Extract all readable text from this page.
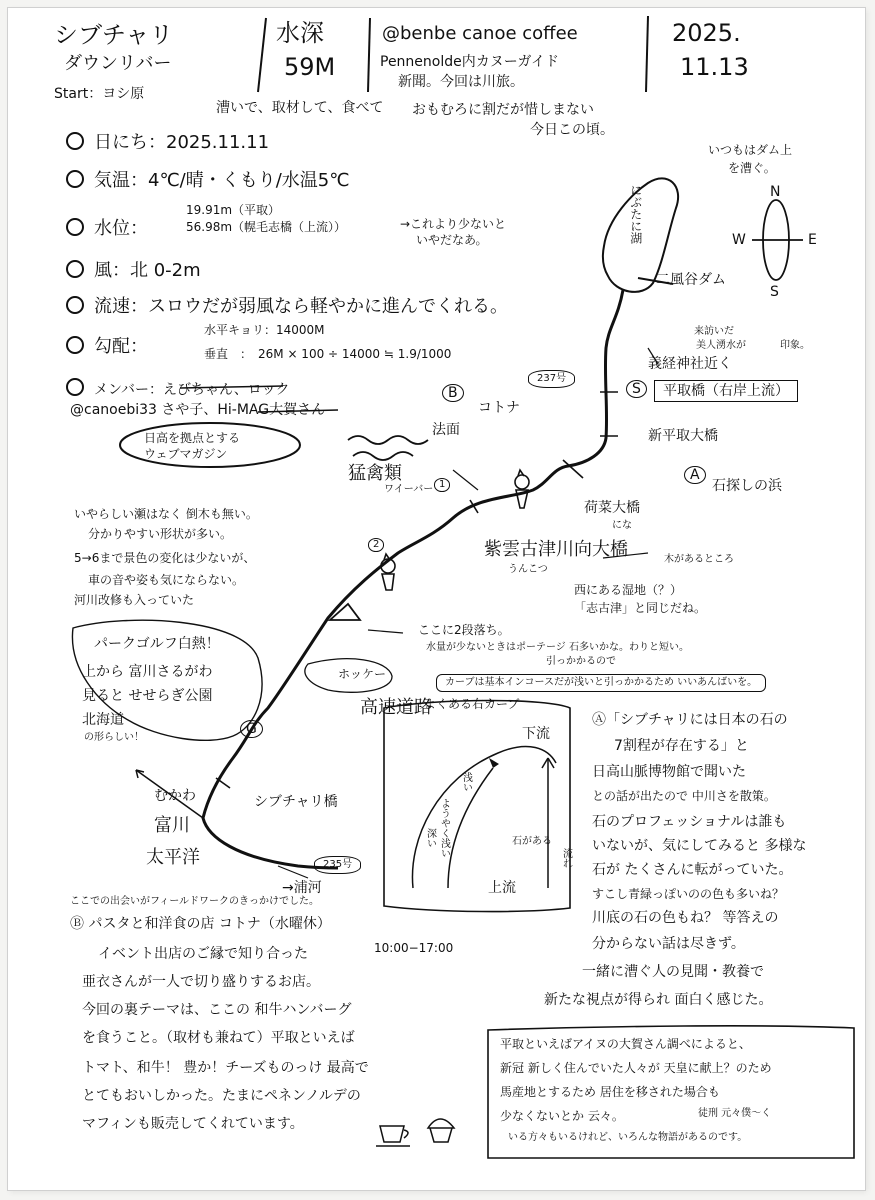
シブチャリ
ダウンリバー
Start：ヨシ原
水深
59M
@benbe canoe coffee
Pennenolde内カヌーガイド
新聞。今回は川旅。
2025.
11.13
漕いで、取材して、食べて おもむろに割だが惜しまない
今日この頃。
日にち：2025.11.11
気温：4℃/晴・くもり/水温5℃
水位：
19.91m（平取）
56.98m（幌毛志橋（上流））	→これより少ないと
いやだなあ。
風：北 0-2m
流速：スロウだが弱風なら軽やかに進んでくれる。
勾配：
水平キョリ：14000M
垂直　：　26M × 100 ÷ 14000 ≒ 1.9/1000
メンバー：えびちゃん、ロック
@canoebi33 さや子、Hi-MAG大賀さん
日高を拠点とする
ウェブマガジン
いつもはダム上
を漕ぐ。
N
W	E
S
にぶたに湖
二風谷ダム
来訪いだ
美人湧水が	印象。
義経神社近く
S	平取橋（右岸上流）
新平取大橋
237号
B
コトナ
法面
猛禽類
ワイーバー 1
2
A
石探しの浜
荷菜大橋
にな
紫雲古津川向大橋
うんこつ
木があるところ
西にある湿地（？）
「志古津」と同じだね。
いやらしい瀬はなく 倒木も無い。
分かりやすい形状が多い。
5→6まで景色の変化は少ないが、
車の音や姿も気にならない。
河川改修も入っていた
ここに2段落ち。
水量が少ないときはポーテージ 石多いかな。わりと短い。
引っかかるので
パークゴルフ白熱！
上から 富川さるがわ
見ると せせらぎ公園
北海道
の形らしい！
ホッケー
高速道路
G
シブチャリ橋
むかわ
富川
太平洋	235号
→浦河
カーブは基本インコースだが浅いと引っかかるため いいあんばいを。
よくある右カーブ
下流
上流
浅い
ようやく浅い
深い	石がある
流れ
Ⓐ「シブチャリには日本の石の
7割程が存在する」と
日高山脈博物館で聞いた
との話が出たので 中川さを散策。
石のプロフェッショナルは誰も
いないが、気にしてみると 多様な
石が たくさんに転がっていた。
すこし青緑っぽいのの色も多いね？
川底の石の色もね？ 等答えの
分からない話は尽きず。
一緒に漕ぐ人の見聞・教養で
新たな視点が得られ 面白く感じた。
ここでの出会いがフィールドワークのきっかけでした。
Ⓑ パスタと和洋食の店 コトナ（水曜休）
10:00−17:00
イベント出店のご縁で知り合った
亜衣さんが一人で切り盛りするお店。
今回の裏テーマは、ここの 和牛ハンバーグ
を食うこと。（取材も兼ねて）平取といえば
トマト、和牛！ 豊か！チーズものっけ 最高で
とてもおいしかった。たまにペネンノルデの
マフィンも販売してくれています。
平取といえばアイヌの大賀さん調べによると、
新冠 新しく住んでいた人々が 天皇に献上？のため
馬産地とするため 居住を移された場合も
少なくないとか 云々。	徒刑 元々僕〜く
いる方々もいるけれど、いろんな物語があるのです。
